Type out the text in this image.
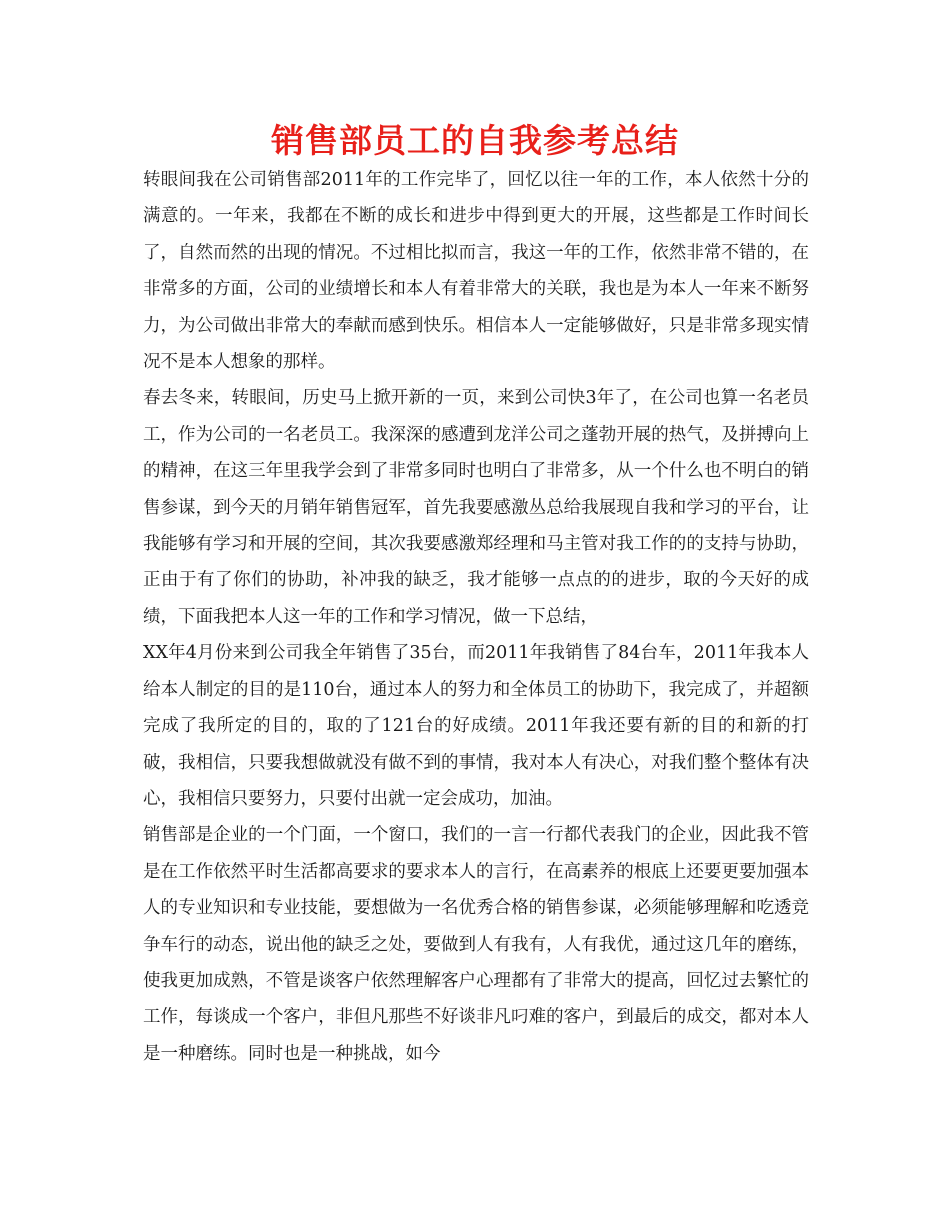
销售部员工的自我参考总结

转眼间我在公司销售部2011年的工作完毕了，回忆以往一年的工作，本人依然十分的满意的。一年来，我都在不断的成长和进步中得到更大的开展，这些都是工作时间长了，自然而然的出现的情况。不过相比拟而言，我这一年的工作，依然非常不错的，在非常多的方面，公司的业绩增长和本人有着非常大的关联，我也是为本人一年来不断努力，为公司做出非常大的奉献而感到快乐。相信本人一定能够做好，只是非常多现实情况不是本人想象的那样。

春去冬来，转眼间，历史马上掀开新的一页，来到公司快3年了，在公司也算一名老员工，作为公司的一名老员工。我深深的感遭到龙洋公司之蓬勃开展的热气，及拼搏向上的精神，在这三年里我学会到了非常多同时也明白了非常多，从一个什么也不明白的销售参谋，到今天的月销年销售冠军，首先我要感激丛总给我展现自我和学习的平台，让我能够有学习和开展的空间，其次我要感激郑经理和马主管对我工作的的支持与协助，正由于有了你们的协助，补冲我的缺乏，我才能够一点点的的进步，取的今天好的成绩，下面我把本人这一年的工作和学习情况，做一下总结，

XX年4月份来到公司我全年销售了35台，而2011年我销售了84台车，2011年我本人给本人制定的目的是110台，通过本人的努力和全体员工的协助下，我完成了，并超额完成了我所定的目的，取的了121台的好成绩。2011年我还要有新的目的和新的打破，我相信，只要我想做就没有做不到的事情，我对本人有决心，对我们整个整体有决心，我相信只要努力，只要付出就一定会成功，加油。

销售部是企业的一个门面，一个窗口，我们的一言一行都代表我门的企业，因此我不管是在工作依然平时生活都高要求的要求本人的言行，在高素养的根底上还要更要加强本人的专业知识和专业技能，要想做为一名优秀合格的销售参谋，必须能够理解和吃透竞争车行的动态，说出他的缺乏之处，要做到人有我有，人有我优，通过这几年的磨练，使我更加成熟，不管是谈客户依然理解客户心理都有了非常大的提高，回忆过去繁忙的工作，每谈成一个客户，非但凡那些不好谈非凡叼难的客户，到最后的成交，都对本人是一种磨练。同时也是一种挑战，如今
